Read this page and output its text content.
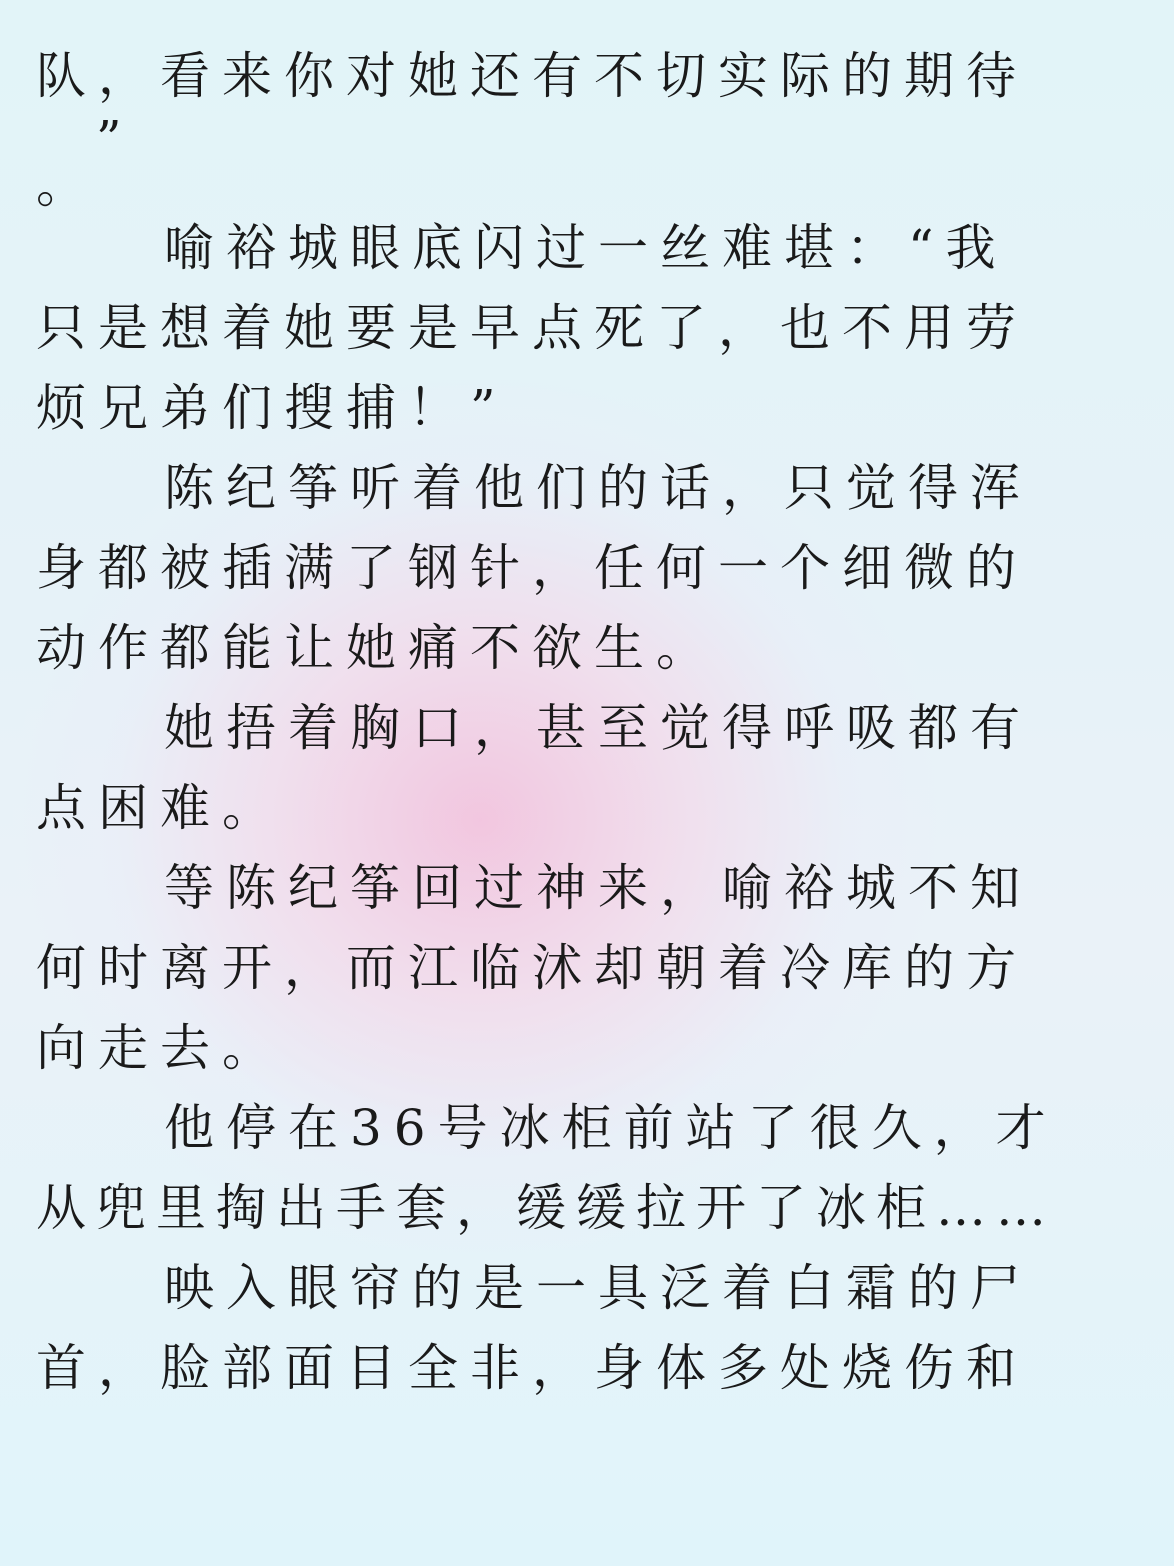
队，看来你对她还有不切实际的期待
”
。
喻裕城眼底闪过一丝难堪：“我
只是想着她要是早点死了，也不用劳
烦兄弟们搜捕！”
陈纪筝听着他们的话，只觉得浑
身都被插满了钢针，任何一个细微的
动作都能让她痛不欲生。
她捂着胸口，甚至觉得呼吸都有
点困难。
等陈纪筝回过神来，喻裕城不知
何时离开，而江临沭却朝着冷库的方
向走去。
他停在36号冰柜前站了很久，才
从兜里掏出手套，缓缓拉开了冰柜……
映入眼帘的是一具泛着白霜的尸
首，脸部面目全非，身体多处烧伤和
